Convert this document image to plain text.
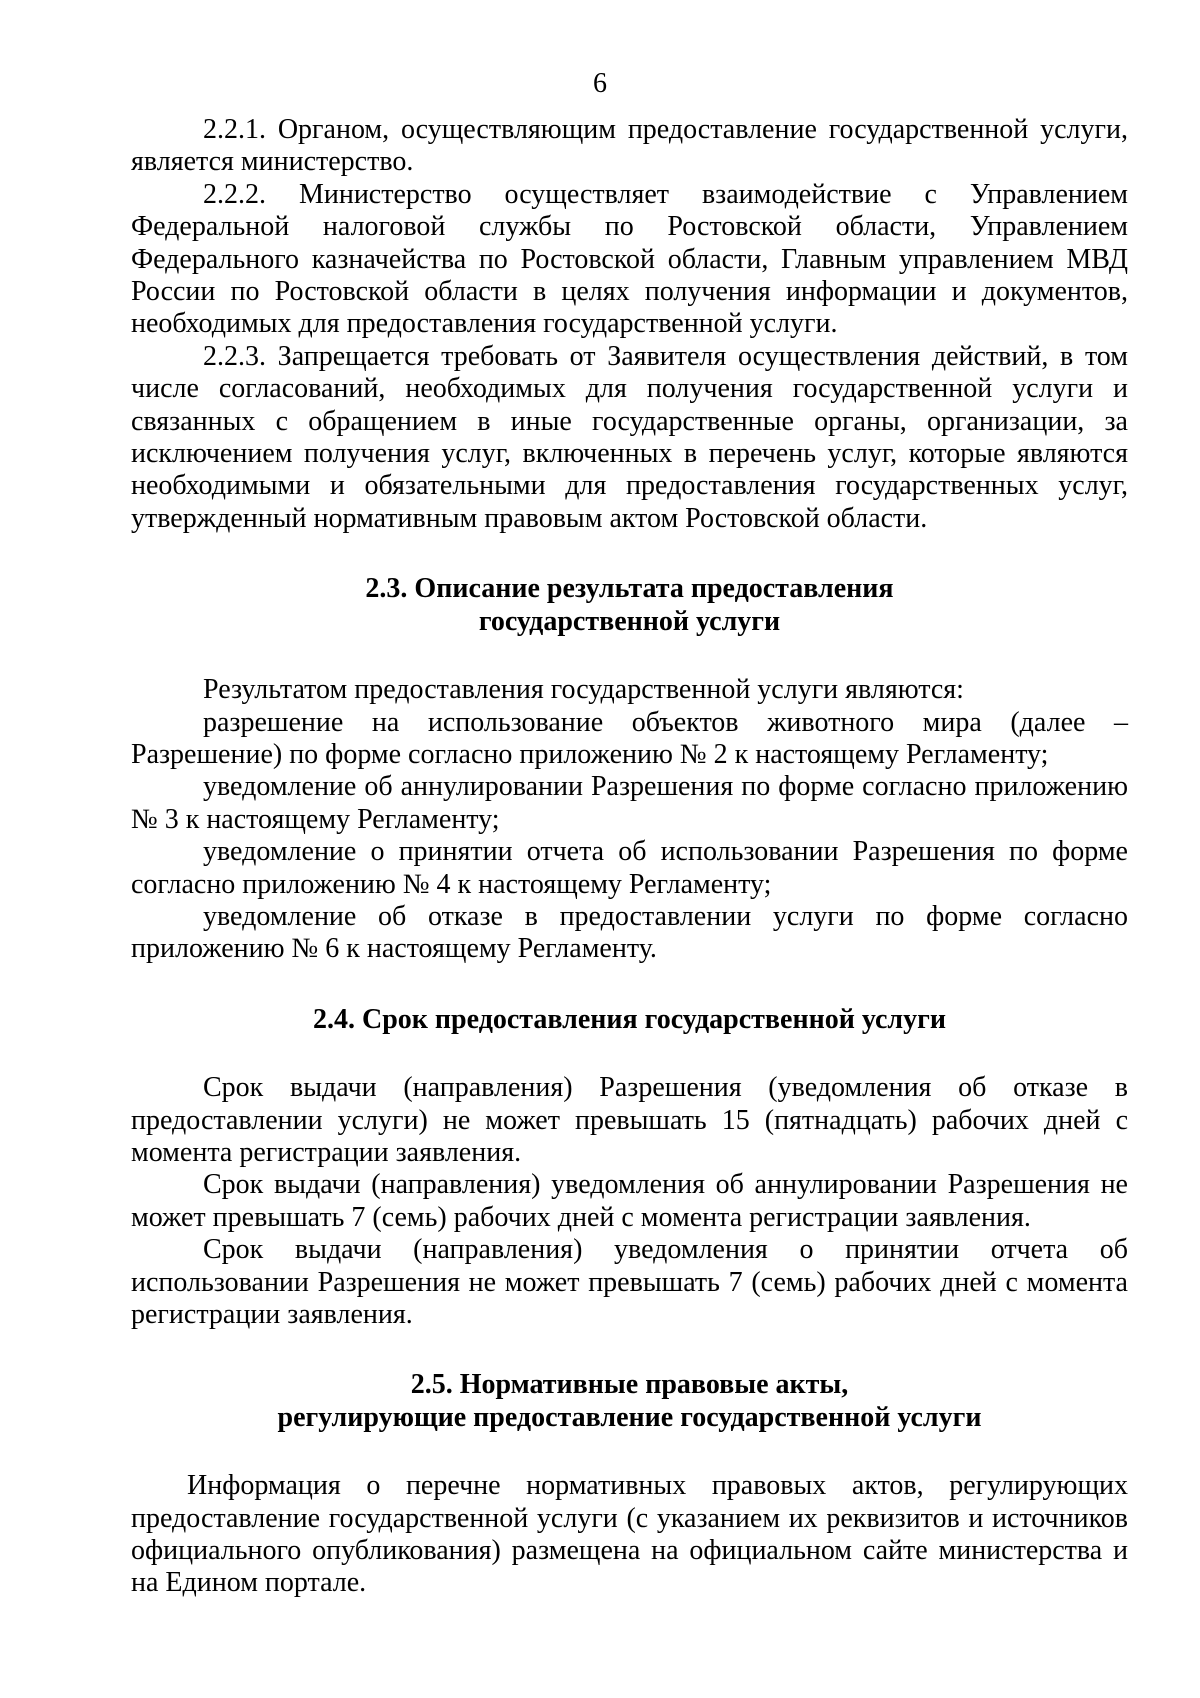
6

2.2.1. Органом, осуществляющим предоставление государственной услуги, является министерство.

2.2.2. Министерство осуществляет взаимодействие с Управлением Федеральной налоговой службы по Ростовской области, Управлением Федерального казначейства по Ростовской области, Главным управлением МВД России по Ростовской области в целях получения информации и документов, необходимых для предоставления государственной услуги.

2.2.3. Запрещается требовать от Заявителя осуществления действий, в том числе согласований, необходимых для получения государственной услуги и связанных с обращением в иные государственные органы, организации, за исключением получения услуг, включенных в перечень услуг, которые являются необходимыми и обязательными для предоставления государственных услуг, утвержденный нормативным правовым актом Ростовской области.

2.3. Описание результата предоставления
государственной услуги

Результатом предоставления государственной услуги являются:

разрешение на использование объектов животного мира (далее – Разрешение) по форме согласно приложению № 2 к настоящему Регламенту;

уведомление об аннулировании Разрешения по форме согласно приложению № 3 к настоящему Регламенту;

уведомление о принятии отчета об использовании Разрешения по форме согласно приложению № 4 к настоящему Регламенту;

уведомление об отказе в предоставлении услуги по форме согласно приложению № 6 к настоящему Регламенту.

2.4. Срок предоставления государственной услуги

Срок выдачи (направления) Разрешения (уведомления об отказе в предоставлении услуги) не может превышать 15 (пятнадцать) рабочих дней с момента регистрации заявления.

Срок выдачи (направления) уведомления об аннулировании Разрешения не может превышать 7 (семь) рабочих дней с момента регистрации заявления.

Срок выдачи (направления) уведомления о принятии отчета об использовании Разрешения не может превышать 7 (семь) рабочих дней с момента регистрации заявления.

2.5. Нормативные правовые акты,
регулирующие предоставление государственной услуги

Информация о перечне нормативных правовых актов, регулирующих предоставление государственной услуги (с указанием их реквизитов и источников официального опубликования) размещена на официальном сайте министерства и на Едином портале.
